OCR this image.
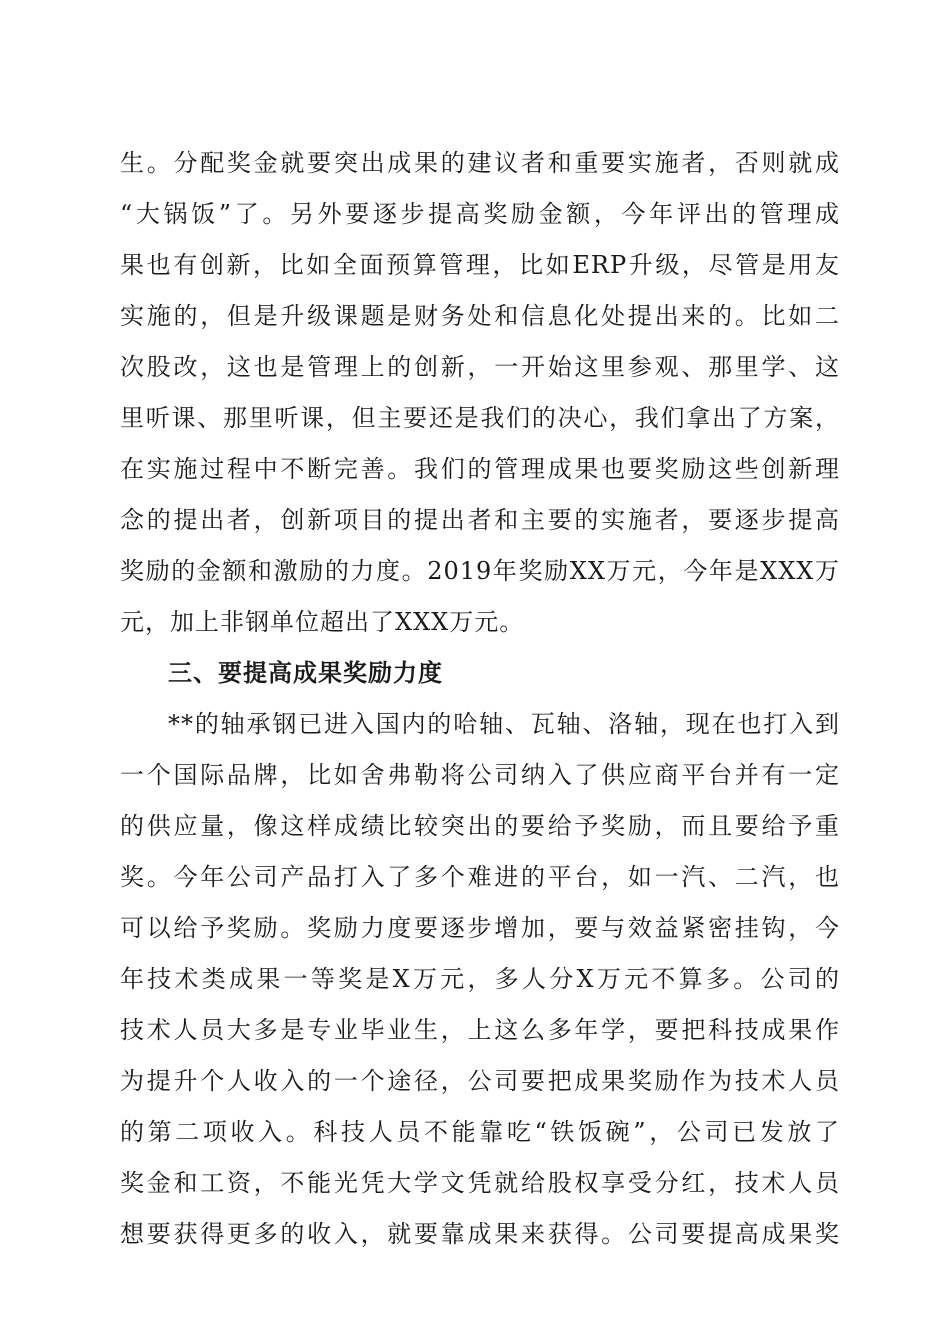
生。分配奖金就要突出成果的建议者和重要实施者，否则就成
“大锅饭”了。另外要逐步提高奖励金额，今年评出的管理成
果也有创新，比如全面预算管理，比如ERP升级，尽管是用友
实施的，但是升级课题是财务处和信息化处提出来的。比如二
次股改，这也是管理上的创新，一开始这里参观、那里学、这
里听课、那里听课，但主要还是我们的决心，我们拿出了方案，
在实施过程中不断完善。我们的管理成果也要奖励这些创新理
念的提出者，创新项目的提出者和主要的实施者，要逐步提高
奖励的金额和激励的力度。2019年奖励XX万元，今年是XXX万
元，加上非钢单位超出了XXX万元。
三、要提高成果奖励力度
**的轴承钢已进入国内的哈轴、瓦轴、洛轴，现在也打入到
一个国际品牌，比如舍弗勒将公司纳入了供应商平台并有一定
的供应量，像这样成绩比较突出的要给予奖励，而且要给予重
奖。今年公司产品打入了多个难进的平台，如一汽、二汽，也
可以给予奖励。奖励力度要逐步增加，要与效益紧密挂钩，今
年技术类成果一等奖是X万元，多人分X万元不算多。公司的
技术人员大多是专业毕业生，上这么多年学，要把科技成果作
为提升个人收入的一个途径，公司要把成果奖励作为技术人员
的第二项收入。科技人员不能靠吃“铁饭碗”，公司已发放了
奖金和工资，不能光凭大学文凭就给股权享受分红，技术人员
想要获得更多的收入，就要靠成果来获得。公司要提高成果奖
